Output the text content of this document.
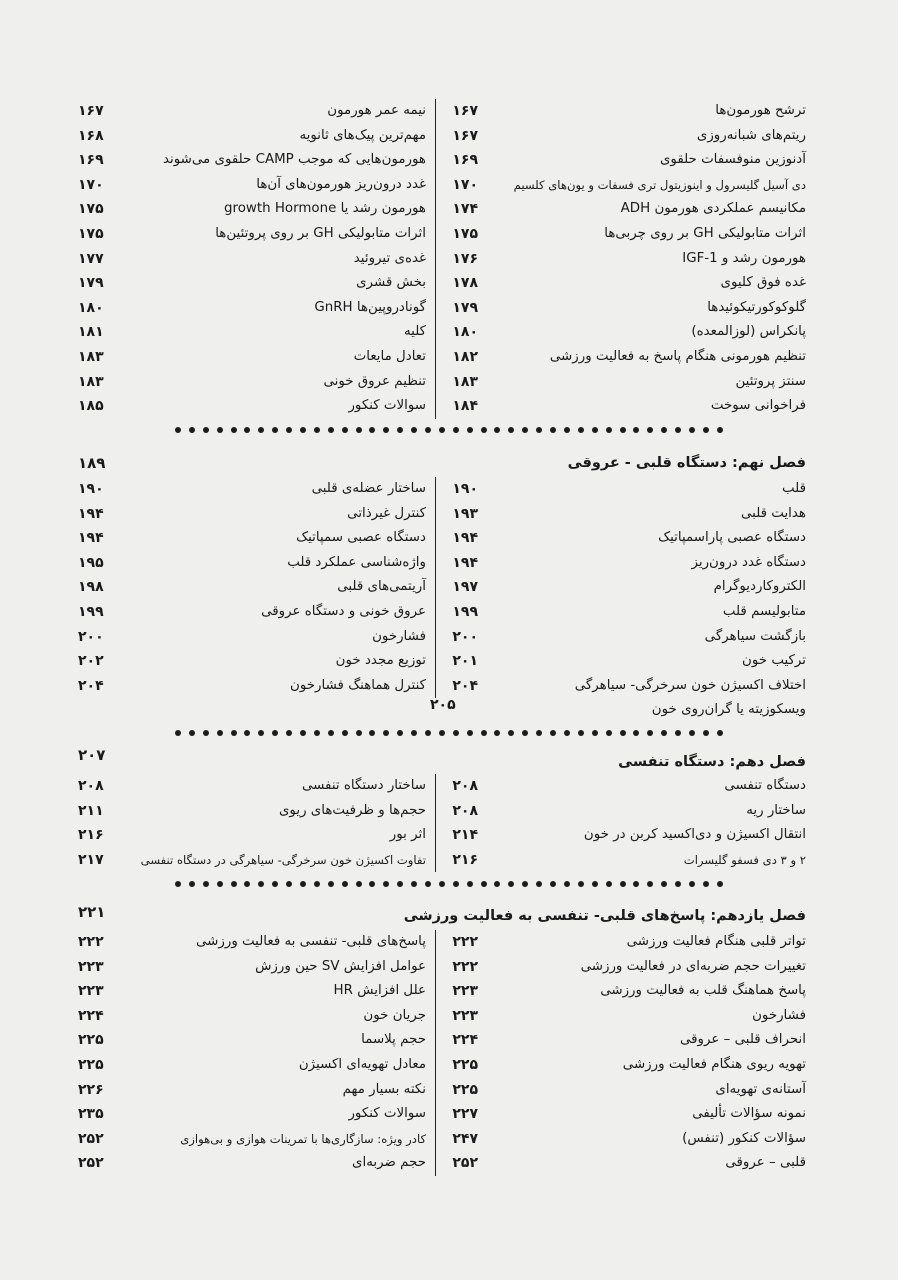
ترشح هورمون‌ها
ریتم‌های شبانه‌روزی
آدنوزین منوفسفات حلقوی
دی آسیل گلیسرول و اینوزیتول تری فسفات و یون‌های کلسیم
مکانیسم عملکردی هورمون ADH
اثرات متابولیکی GH بر روی چربی‌ها
هورمون رشد و IGF-1
غده فوق کلیوی
گلوکوکورتیکوئیدها
پانکراس (لوزالمعده)
تنظیم هورمونی هنگام پاسخ به فعالیت ورزشی
سنتز پروتئین
فراخوانی سوخت
۱۶۷
نیمه عمر هورمون
۱۶۷
۱۶۷
مهم‌ترین پیک‌های ثانویه
۱۶۸
۱۶۹
هورمون‌هایی که موجب CAMP حلقوی می‌شوند
۱۶۹
۱۷۰
غدد درون‌ریز هورمون‌های آن‌ها
۱۷۰
۱۷۴
هورمون رشد یا growth Hormone
۱۷۵
۱۷۵
اثرات متابولیکی GH بر روی پروتئین‌ها
۱۷۵
۱۷۶
غده‌ی تیروئید
۱۷۷
۱۷۸
بخش قشری
۱۷۹
۱۷۹
گونادروپین‌ها GnRH
۱۸۰
۱۸۰
کلیه
۱۸۱
۱۸۲
تعادل مایعات
۱۸۳
۱۸۳
تنظیم عروق خونی
۱۸۳
۱۸۴
سوالات کنکور
۱۸۵
فصل نهم: دستگاه قلبی - عروقی
۱۸۹
قلب
هدایت قلبی
دستگاه عصبی پاراسمپاتیک
دستگاه غدد درون‌ریز
الکتروکاردیوگرام
متابولیسم قلب
بازگشت سیاهرگی
ترکیب خون
اختلاف اکسیژن خون سرخرگی- سیاهرگی
ویسکوزیته یا گران‌روی خون
۱۹۰
ساختار عضله‌ی قلبی
۱۹۰
۱۹۳
کنترل غیرذاتی
۱۹۴
۱۹۴
دستگاه عصبی سمپاتیک
۱۹۴
۱۹۴
واژه‌شناسی عملکرد قلب
۱۹۵
۱۹۷
آریتمی‌های قلبی
۱۹۸
۱۹۹
عروق خونی و دستگاه عروقی
۱۹۹
۲۰۰
فشارخون
۲۰۰
۲۰۱
توزیع مجدد خون
۲۰۲
۲۰۴
کنترل هماهنگ فشارخون
۲۰۴
۲۰۵
فصل دهم: دستگاه تنفسی
۲۰۷
دستگاه تنفسی
ساختار ریه
انتقال اکسیژن و دی‌اکسید کربن در خون
۲ و ۳ دی فسفو گلیسرات
۲۰۸
ساختار دستگاه تنفسی
۲۰۸
۲۰۸
حجم‌ها و ظرفیت‌های ریوی
۲۱۱
۲۱۴
اثر بور
۲۱۶
۲۱۶
تفاوت اکسیژن خون سرخرگی- سیاهرگی در دستگاه تنفسی
۲۱۷
فصل یازدهم: پاسخ‌های قلبی- تنفسی به فعالیت ورزشی
۲۲۱
تواتر قلبی هنگام فعالیت ورزشی
تغییرات حجم ضربه‌ای در فعالیت ورزشی
پاسخ هماهنگ قلب به فعالیت ورزشی
فشارخون
انحراف قلبی – عروقی
تهویه ریوی هنگام فعالیت ورزشی
آستانه‌ی تهویه‌ای
نمونه سؤالات تألیفی
سؤالات کنکور (تنفس)
قلبی – عروقی
۲۲۲
پاسخ‌های قلبی- تنفسی به فعالیت ورزشی
۲۲۲
۲۲۲
عوامل افزایش SV حین ورزش
۲۲۳
۲۲۳
علل افزایش HR
۲۲۳
۲۲۳
جریان خون
۲۲۴
۲۲۴
حجم پلاسما
۲۲۵
۲۲۵
معادل تهویه‌ای اکسیژن
۲۲۵
۲۲۵
نکته بسیار مهم
۲۲۶
۲۲۷
سوالات کنکور
۲۳۵
۲۴۷
کادر ویژه: سازگاری‌ها با تمرینات هوازی و بی‌هوازی
۲۵۲
۲۵۲
حجم ضربه‌ای
۲۵۲
